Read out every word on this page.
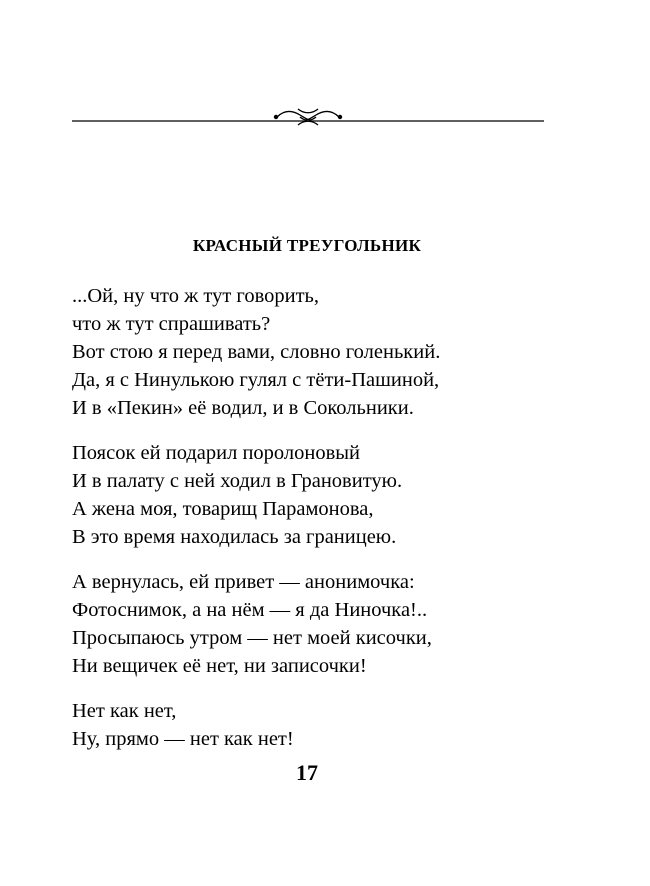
КРАСНЫЙ ТРЕУГОЛЬНИК
...Ой, ну что ж тут говорить,
что ж тут спрашивать?
Вот стою я перед вами, словно голенький.
Да, я с Нинулькою гулял с тёти-Пашиной,
И в «Пекин» её водил, и в Сокольники.
Поясок ей подарил поролоновый
И в палату с ней ходил в Грановитую.
А жена моя, товарищ Парамонова,
В это время находилась за границею.
А вернулась, ей привет — анонимочка:
Фотоснимок, а на нём — я да Ниночка!..
Просыпаюсь утром — нет моей кисочки,
Ни вещичек её нет, ни записочки!
Нет как нет,
Ну, прямо — нет как нет!
17
